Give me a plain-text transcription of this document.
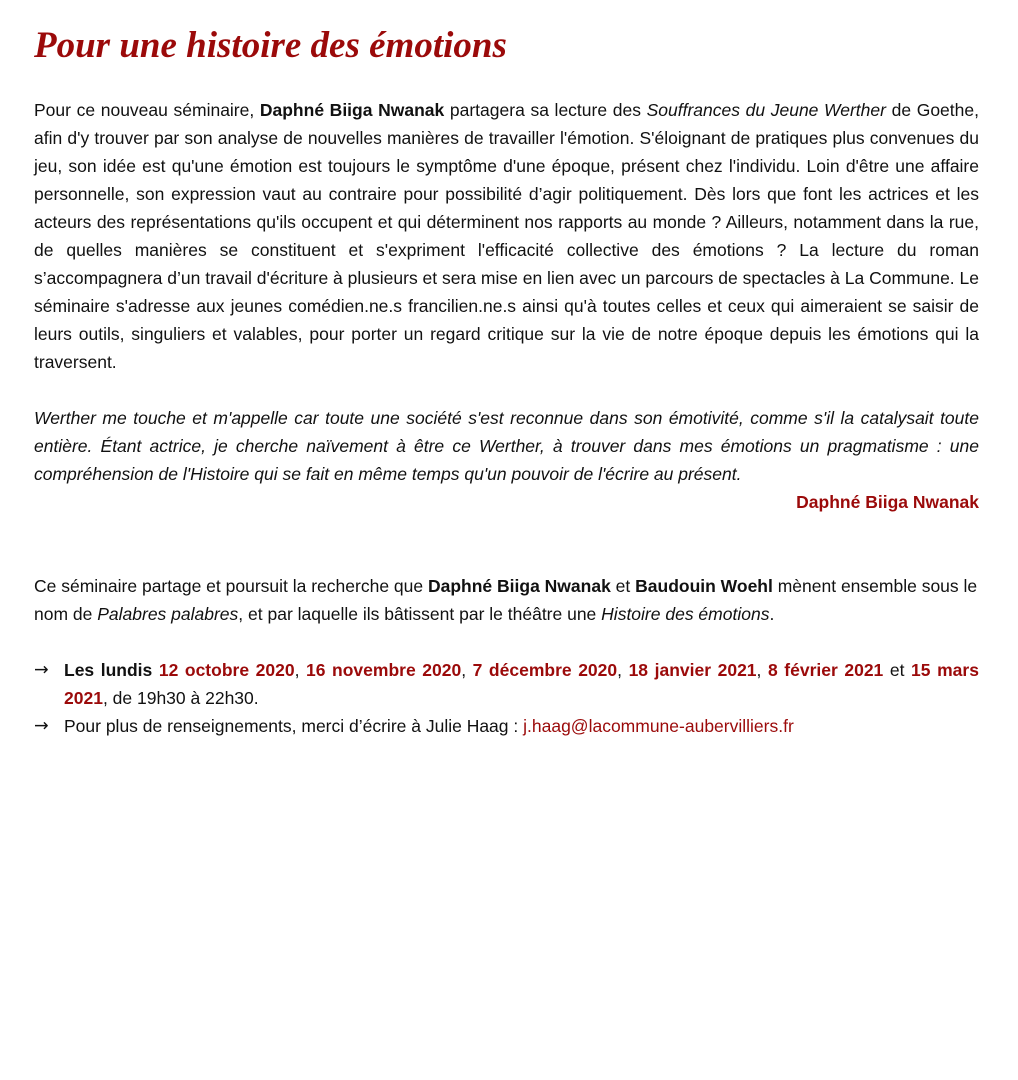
Pour une histoire des émotions

Pour ce nouveau séminaire, Daphné Biiga Nwanak partagera sa lecture des Souffrances du Jeune Werther de Goethe, afin d'y trouver par son analyse de nouvelles manières de travailler l'émotion. S'éloignant de pratiques plus convenues du jeu, son idée est qu'une émotion est toujours le symptôme d'une époque, présent chez l'individu. Loin d'être une affaire personnelle, son expression vaut au contraire pour possibilité d’agir politiquement. Dès lors que font les actrices et les acteurs des représentations qu'ils occupent et qui déterminent nos rapports au monde ? Ailleurs, notamment dans la rue, de quelles manières se constituent et s'expriment l'efficacité collective des émotions ? La lecture du roman s’accompagnera d’un travail d'écriture à plusieurs et sera mise en lien avec un parcours de spectacles à La Commune. Le séminaire s'adresse aux jeunes comédien.ne.s francilien.ne.s ainsi qu'à toutes celles et ceux qui aimeraient se saisir de leurs outils, singuliers et valables, pour porter un regard critique sur la vie de notre époque depuis les émotions qui la traversent.

Werther me touche et m'appelle car toute une société s'est reconnue dans son émotivité, comme s'il la catalysait toute entière. Étant actrice, je cherche naïvement à être ce Werther, à trouver dans mes émotions un pragmatisme : une compréhension de l'Histoire qui se fait en même temps qu'un pouvoir de l'écrire au présent.

Daphné Biiga Nwanak

Ce séminaire partage et poursuit la recherche que Daphné Biiga Nwanak et Baudouin Woehl mènent ensemble sous le nom de Palabres palabres, et par laquelle ils bâtissent par le théâtre une Histoire des émotions.

→ Les lundis 12 octobre 2020, 16 novembre 2020, 7 décembre 2020, 18 janvier 2021, 8 février 2021 et 15 mars 2021, de 19h30 à 22h30.
→ Pour plus de renseignements, merci d’écrire à Julie Haag : j.haag@lacommune-aubervilliers.fr
